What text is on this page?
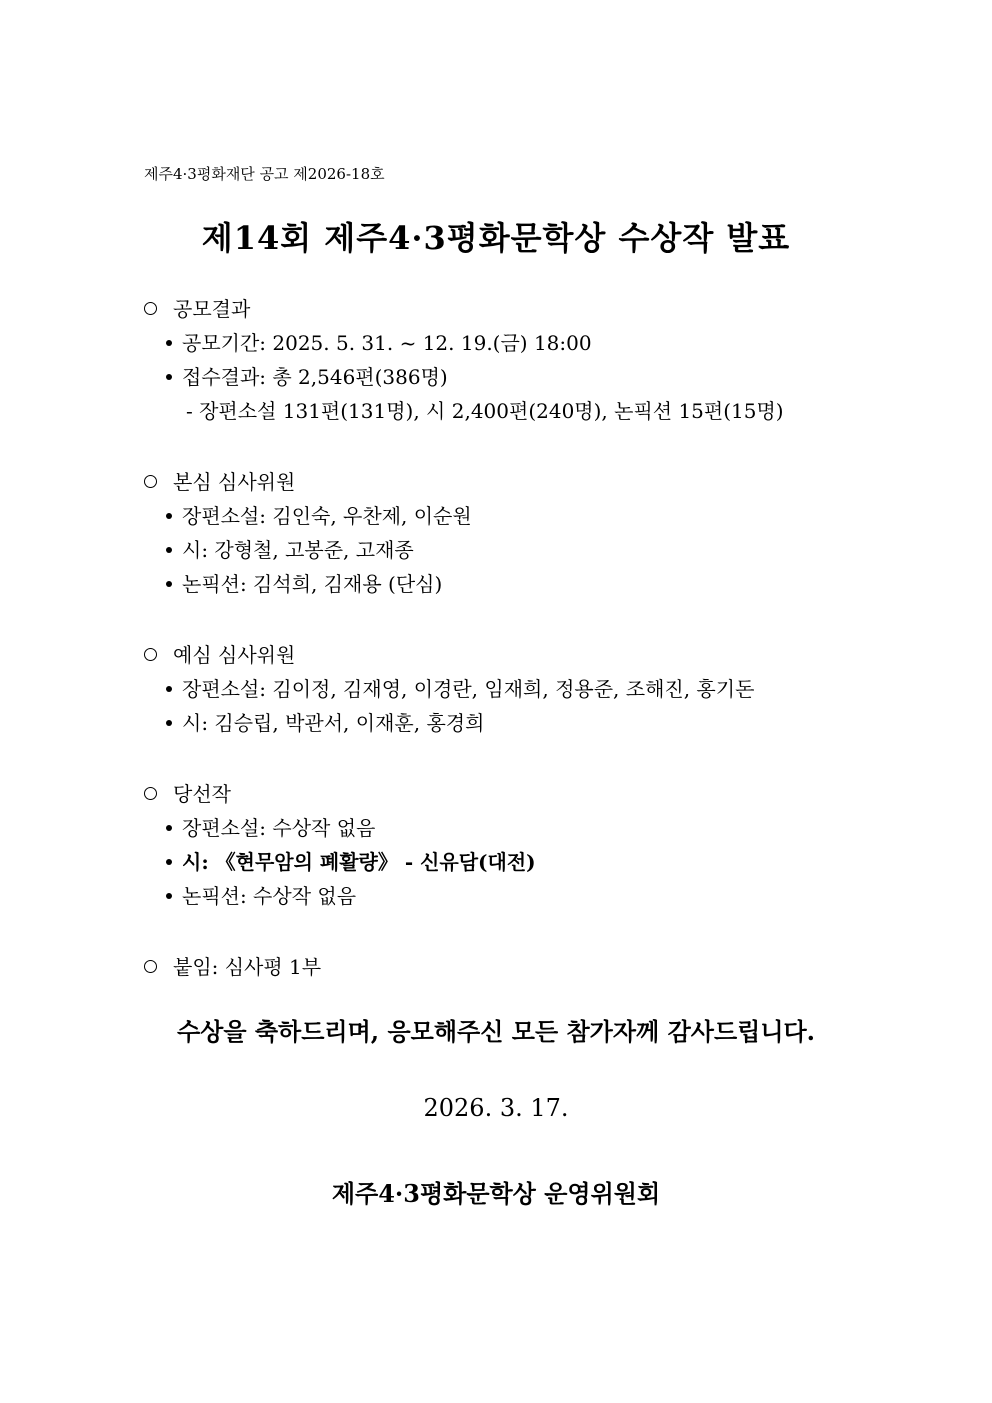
제주4·3평화재단 공고 제2026-18호
제14회 제주4·3평화문학상 수상작 발표
공모결과
공모기간: 2025. 5. 31. ~ 12. 19.(금) 18:00
접수결과: 총 2,546편(386명)
- 장편소설 131편(131명), 시 2,400편(240명), 논픽션 15편(15명)
본심 심사위원
장편소설: 김인숙, 우찬제, 이순원
시: 강형철, 고봉준, 고재종
논픽션: 김석희, 김재용 (단심)
예심 심사위원
장편소설: 김이정, 김재영, 이경란, 임재희, 정용준, 조해진, 홍기돈
시: 김승립, 박관서, 이재훈, 홍경희
당선작
장편소설: 수상작 없음
시: 《현무암의 폐활량》 - 신유담(대전)
논픽션: 수상작 없음
붙임: 심사평 1부
수상을 축하드리며, 응모해주신 모든 참가자께 감사드립니다.
2026. 3. 17.
제주4·3평화문학상 운영위원회
